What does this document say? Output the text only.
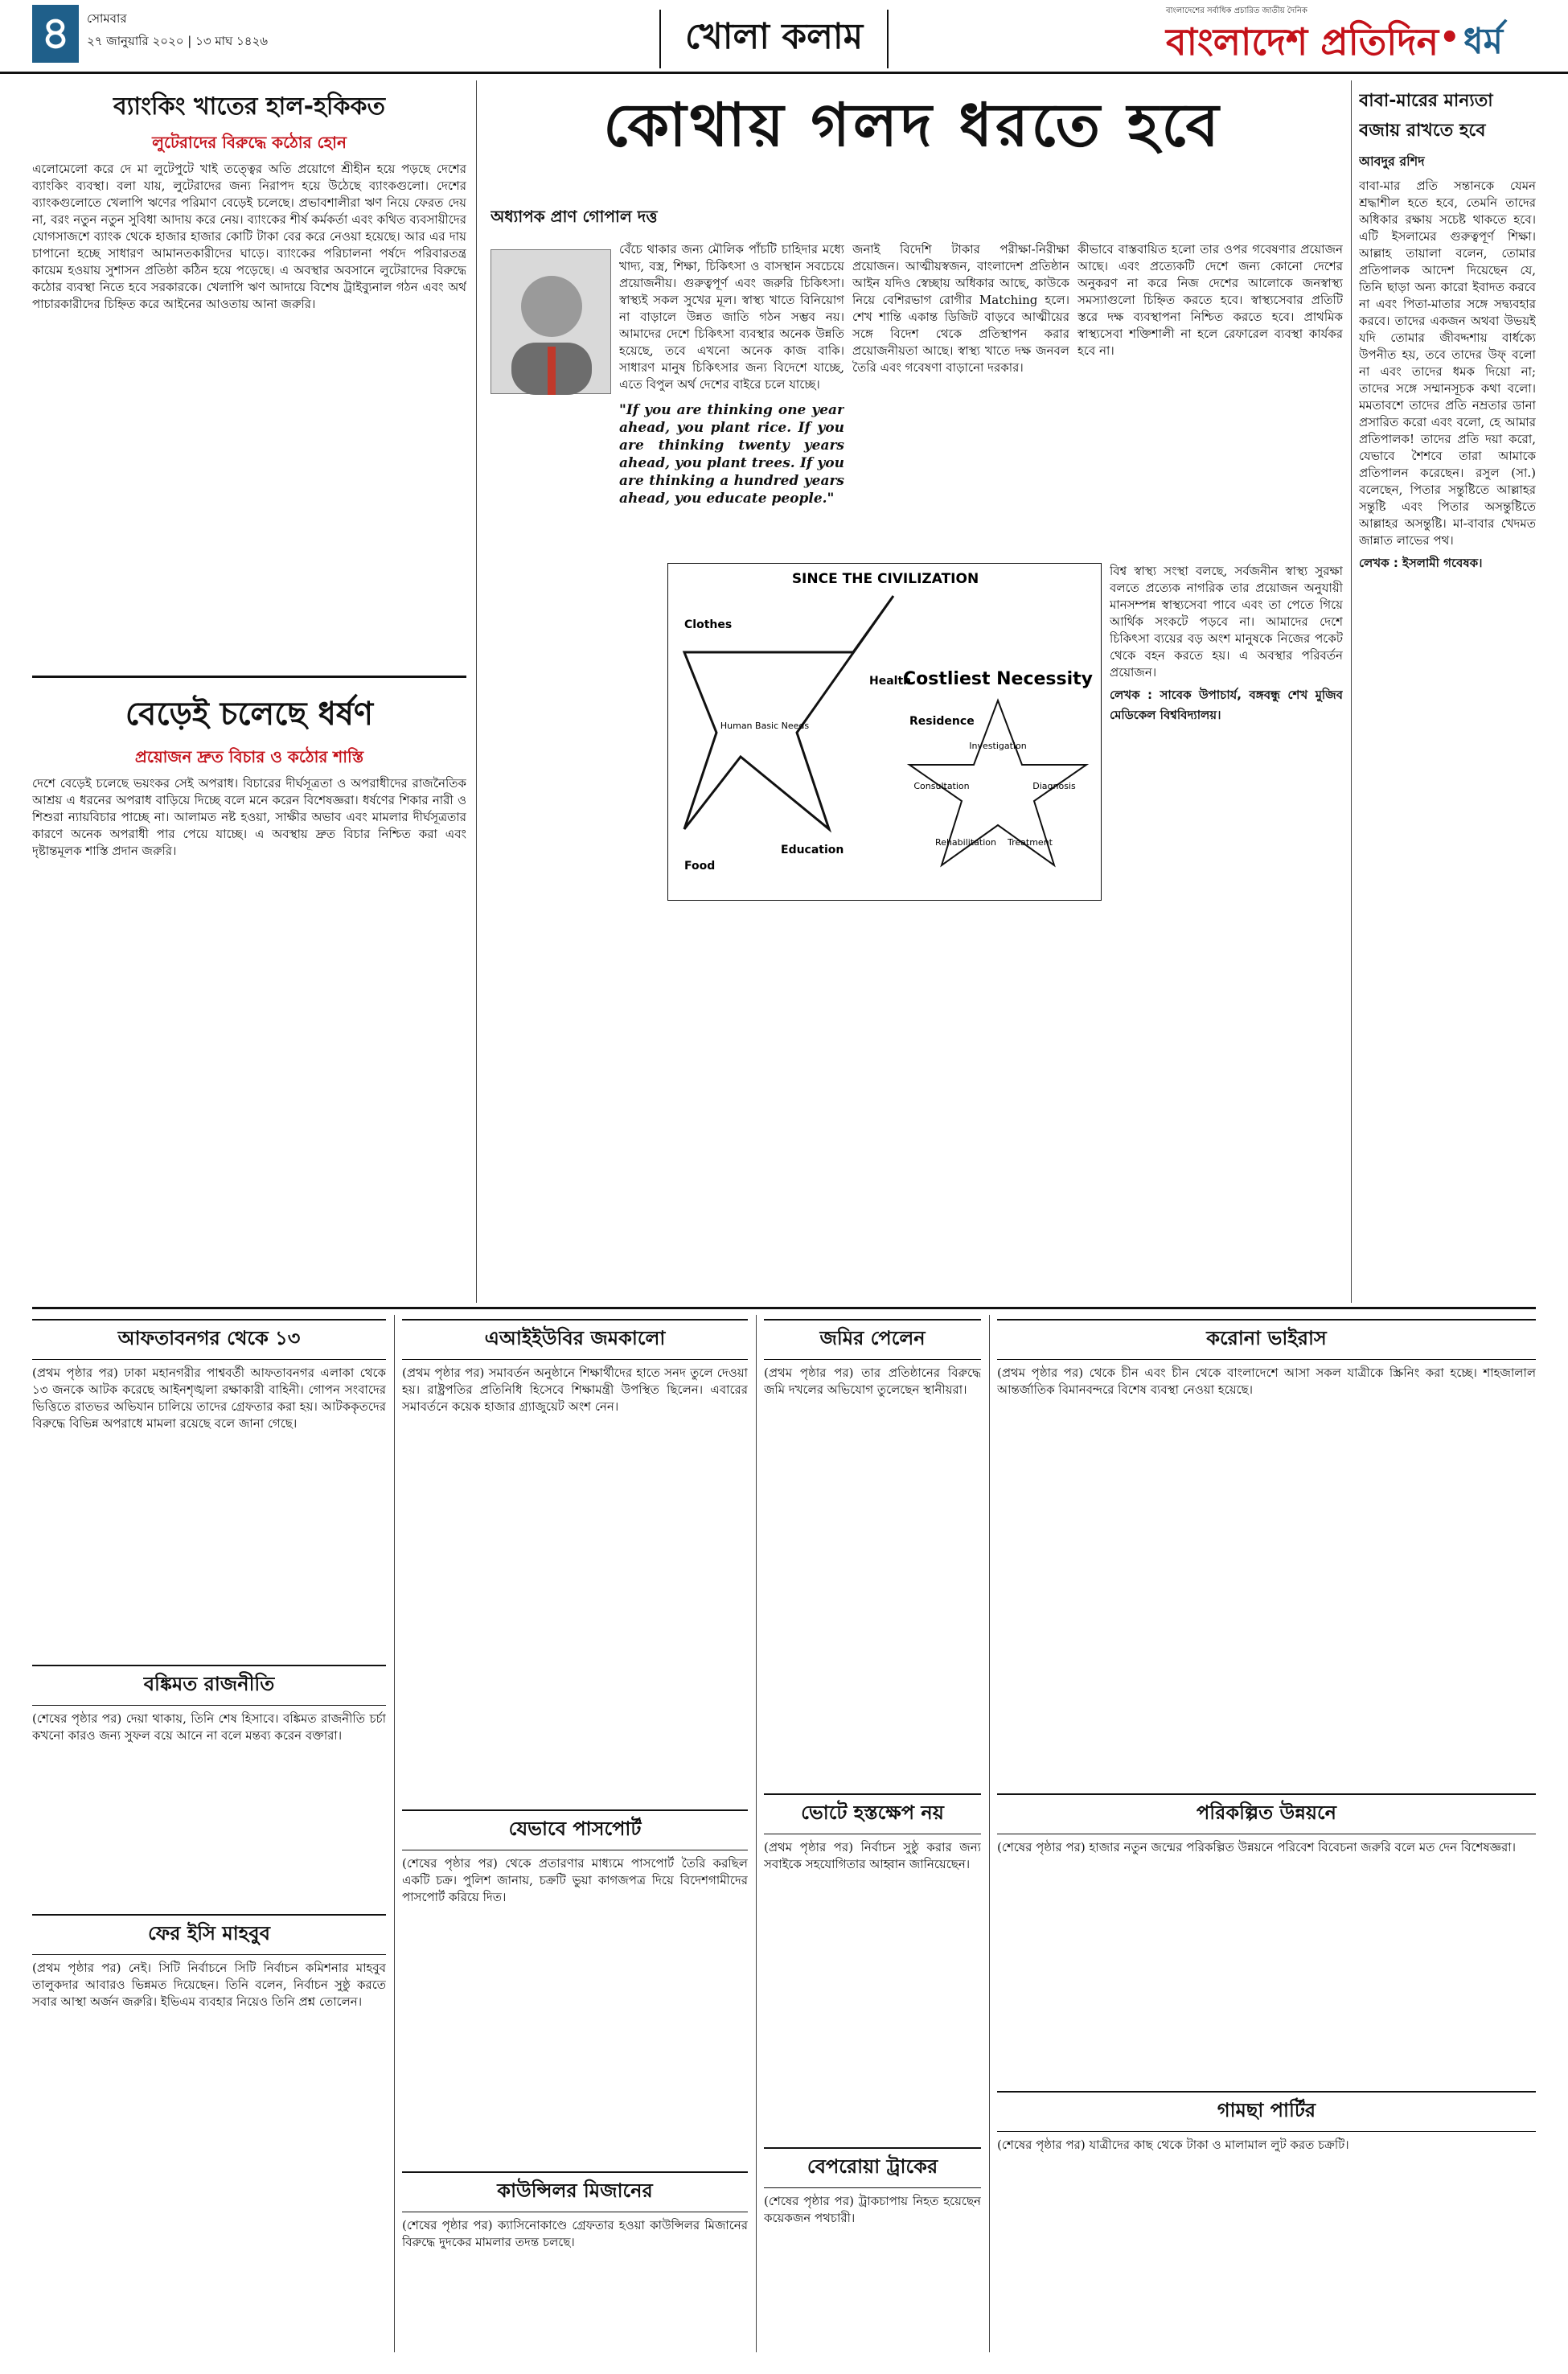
৪	সোমবার
২৭ জানুয়ারি ২০২০ | ১৩ মাঘ ১৪২৬	খোলা কলাম
বাংলাদেশের সর্বাধিক প্রচারিত জাতীয় দৈনিক
বাংলাদেশ প্রতিদিন • ধর্ম
ব্যাংকিং খাতের হাল-হকিকত
লুটেরাদের বিরুদ্ধে কঠোর হোন
এলোমেলো করে দে মা লুটেপুটে খাই তত্ত্বের অতি প্রয়োগে শ্রীহীন হয়ে পড়ছে দেশের ব্যাংকিং ব্যবস্থা। বলা যায়, লুটেরাদের জন্য নিরাপদ হয়ে উঠেছে ব্যাংকগুলো। দেশের ব্যাংকগুলোতে খেলাপি ঋণের পরিমাণ বেড়েই চলেছে। প্রভাবশালীরা ঋণ নিয়ে ফেরত দেয় না, বরং নতুন নতুন সুবিধা আদায় করে নেয়। ব্যাংকের শীর্ষ কর্মকর্তা এবং কথিত ব্যবসায়ীদের যোগসাজশে ব্যাংক থেকে হাজার হাজার কোটি টাকা বের করে নেওয়া হয়েছে। আর এর দায় চাপানো হচ্ছে সাধারণ আমানতকারীদের ঘাড়ে। ব্যাংকের পরিচালনা পর্ষদে পরিবারতন্ত্র কায়েম হওয়ায় সুশাসন প্রতিষ্ঠা কঠিন হয়ে পড়েছে। এ অবস্থার অবসানে লুটেরাদের বিরুদ্ধে কঠোর ব্যবস্থা নিতে হবে সরকারকে। খেলাপি ঋণ আদায়ে বিশেষ ট্রাইব্যুনাল গঠন এবং অর্থ পাচারকারীদের চিহ্নিত করে আইনের আওতায় আনা জরুরি।
বেড়েই চলেছে ধর্ষণ
প্রয়োজন দ্রুত বিচার ও কঠোর শাস্তি
দেশে বেড়েই চলেছে ভয়ংকর সেই অপরাধ। বিচারের দীর্ঘসূত্রতা ও অপরাধীদের রাজনৈতিক আশ্রয় এ ধরনের অপরাধ বাড়িয়ে দিচ্ছে বলে মনে করেন বিশেষজ্ঞরা। ধর্ষণের শিকার নারী ও শিশুরা ন্যায়বিচার পাচ্ছে না। আলামত নষ্ট হওয়া, সাক্ষীর অভাব এবং মামলার দীর্ঘসূত্রতার কারণে অনেক অপরাধী পার পেয়ে যাচ্ছে। এ অবস্থায় দ্রুত বিচার নিশ্চিত করা এবং দৃষ্টান্তমূলক শাস্তি প্রদান জরুরি।
কোথায় গলদ ধরতে হবে
অধ্যাপক প্রাণ গোপাল দত্ত
বেঁচে থাকার জন্য মৌলিক পাঁচটি চাহিদার মধ্যে খাদ্য, বস্ত্র, শিক্ষা, চিকিৎসা ও বাসস্থান সবচেয়ে প্রয়োজনীয়। গুরুত্বপূর্ণ এবং জরুরি চিকিৎসা। স্বাস্থ্যই সকল সুখের মূল। স্বাস্থ্য খাতে বিনিয়োগ না বাড়ালে উন্নত জাতি গঠন সম্ভব নয়। আমাদের দেশে চিকিৎসা ব্যবস্থার অনেক উন্নতি হয়েছে, তবে এখনো অনেক কাজ বাকি। সাধারণ মানুষ চিকিৎসার জন্য বিদেশে যাচ্ছে, এতে বিপুল অর্থ দেশের বাইরে চলে যাচ্ছে।
"If you are thinking one year ahead, you plant rice. If you are thinking twenty years ahead, you plant trees. If you are thinking a hundred years ahead, you educate people."
জনাই বিদেশি টাকার পরীক্ষা-নিরীক্ষা প্রয়োজন। আত্মীয়স্বজন, বাংলাদেশ প্রতিষ্ঠান আইন যদিও স্বেচ্ছায় অধিকার আছে, কাউকে নিয়ে বেশিরভাগ রোগীর Matching হলে। শেখ শান্তি একান্ত ডিজিট বাড়বে আত্মীয়ের সঙ্গে বিদেশ থেকে প্রতিস্থাপন করার প্রয়োজনীয়তা আছে। স্বাস্থ্য খাতে দক্ষ জনবল তৈরি এবং গবেষণা বাড়ানো দরকার।
কীভাবে বাস্তবায়িত হলো তার ওপর গবেষণার প্রয়োজন আছে। এবং প্রত্যেকটি দেশে জন্য কোনো দেশের অনুকরণ না করে নিজ দেশের আলোকে জনস্বাস্থ্য সমস্যাগুলো চিহ্নিত করতে হবে। স্বাস্থ্যসেবার প্রতিটি স্তরে দক্ষ ব্যবস্থাপনা নিশ্চিত করতে হবে। প্রাথমিক স্বাস্থ্যসেবা শক্তিশালী না হলে রেফারেল ব্যবস্থা কার্যকর হবে না।
SINCE THE CIVILIZATION
Human Basic Needs
Health
Residence
Education
Food
Clothes
Costliest Necessity
Investigation
Diagnosis
Treatment
Rehabilitation
Consultation
বিশ্ব স্বাস্থ্য সংস্থা বলছে, সর্বজনীন স্বাস্থ্য সুরক্ষা বলতে প্রত্যেক নাগরিক তার প্রয়োজন অনুযায়ী মানসম্পন্ন স্বাস্থ্যসেবা পাবে এবং তা পেতে গিয়ে আর্থিক সংকটে পড়বে না। আমাদের দেশে চিকিৎসা ব্যয়ের বড় অংশ মানুষকে নিজের পকেট থেকে বহন করতে হয়। এ অবস্থার পরিবর্তন প্রয়োজন।
লেখক : সাবেক উপাচার্য, বঙ্গবন্ধু শেখ মুজিব মেডিকেল বিশ্ববিদ্যালয়।
বাবা-মারের মান্যতা বজায় রাখতে হবে
আবদুর রশিদ
বাবা-মার প্রতি সন্তানকে যেমন শ্রদ্ধাশীল হতে হবে, তেমনি তাদের অধিকার রক্ষায় সচেষ্ট থাকতে হবে। এটি ইসলামের গুরুত্বপূর্ণ শিক্ষা। আল্লাহ তায়ালা বলেন, তোমার প্রতিপালক আদেশ দিয়েছেন যে, তিনি ছাড়া অন্য কারো ইবাদত করবে না এবং পিতা-মাতার সঙ্গে সদ্ব্যবহার করবে। তাদের একজন অথবা উভয়ই যদি তোমার জীবদ্দশায় বার্ধক্যে উপনীত হয়, তবে তাদের উফ্ বলো না এবং তাদের ধমক দিয়ো না; তাদের সঙ্গে সম্মানসূচক কথা বলো। মমতাবশে তাদের প্রতি নম্রতার ডানা প্রসারিত করো এবং বলো, হে আমার প্রতিপালক! তাদের প্রতি দয়া করো, যেভাবে শৈশবে তারা আমাকে প্রতিপালন করেছেন। রসুল (সা.) বলেছেন, পিতার সন্তুষ্টিতে আল্লাহর সন্তুষ্টি এবং পিতার অসন্তুষ্টিতে আল্লাহর অসন্তুষ্টি। মা-বাবার খেদমত জান্নাত লাভের পথ।
লেখক : ইসলামী গবেষক।
আফতাবনগর থেকে ১৩
(প্রথম পৃষ্ঠার পর) ঢাকা মহানগরীর পাশ্ববর্তী আফতাবনগর এলাকা থেকে ১৩ জনকে আটক করেছে আইনশৃঙ্খলা রক্ষাকারী বাহিনী। গোপন সংবাদের ভিত্তিতে রাতভর অভিযান চালিয়ে তাদের গ্রেফতার করা হয়। আটককৃতদের বিরুদ্ধে বিভিন্ন অপরাধে মামলা রয়েছে বলে জানা গেছে।
বঙ্কিমত রাজনীতি
(শেষের পৃষ্ঠার পর) দেয়া থাকায়, তিনি শেষ হিসাবে। বঙ্কিমত রাজনীতি চর্চা কখনো কারও জন্য সুফল বয়ে আনে না বলে মন্তব্য করেন বক্তারা।
ফের ইসি মাহবুব
(প্রথম পৃষ্ঠার পর) নেই। সিটি নির্বাচনে সিটি নির্বাচন কমিশনার মাহবুব তালুকদার আবারও ভিন্নমত দিয়েছেন। তিনি বলেন, নির্বাচন সুষ্ঠু করতে সবার আস্থা অর্জন জরুরি। ইভিএম ব্যবহার নিয়েও তিনি প্রশ্ন তোলেন।
এআইইউবির জমকালো
(প্রথম পৃষ্ঠার পর) সমাবর্তন অনুষ্ঠানে শিক্ষার্থীদের হাতে সনদ তুলে দেওয়া হয়। রাষ্ট্রপতির প্রতিনিধি হিসেবে শিক্ষামন্ত্রী উপস্থিত ছিলেন। এবারের সমাবর্তনে কয়েক হাজার গ্র্যাজুয়েট অংশ নেন।
যেভাবে পাসপোর্ট
(শেষের পৃষ্ঠার পর) থেকে প্রতারণার মাধ্যমে পাসপোর্ট তৈরি করছিল একটি চক্র। পুলিশ জানায়, চক্রটি ভুয়া কাগজপত্র দিয়ে বিদেশগামীদের পাসপোর্ট করিয়ে দিত।
কাউন্সিলর মিজানের
(শেষের পৃষ্ঠার পর) ক্যাসিনোকাণ্ডে গ্রেফতার হওয়া কাউন্সিলর মিজানের বিরুদ্ধে দুদকের মামলার তদন্ত চলছে।
জমির পেলেন
(প্রথম পৃষ্ঠার পর) তার প্রতিষ্ঠানের বিরুদ্ধে জমি দখলের অভিযোগ তুলেছেন স্থানীয়রা।
ভোটে হস্তক্ষেপ নয়
(প্রথম পৃষ্ঠার পর) নির্বাচন সুষ্ঠু করার জন্য সবাইকে সহযোগিতার আহ্বান জানিয়েছেন।
বেপরোয়া ট্রাকের
(শেষের পৃষ্ঠার পর) ট্রাকচাপায় নিহত হয়েছেন কয়েকজন পথচারী।
করোনা ভাইরাস
(প্রথম পৃষ্ঠার পর) থেকে চীন এবং চীন থেকে বাংলাদেশে আসা সকল যাত্রীকে স্ক্রিনিং করা হচ্ছে। শাহজালাল আন্তর্জাতিক বিমানবন্দরে বিশেষ ব্যবস্থা নেওয়া হয়েছে।
পরিকল্পিত উন্নয়নে
(শেষের পৃষ্ঠার পর) হাজার নতুন জন্মের পরিকল্পিত উন্নয়নে পরিবেশ বিবেচনা জরুরি বলে মত দেন বিশেষজ্ঞরা।
গামছা পার্টির
(শেষের পৃষ্ঠার পর) যাত্রীদের কাছ থেকে টাকা ও মালামাল লুট করত চক্রটি।
